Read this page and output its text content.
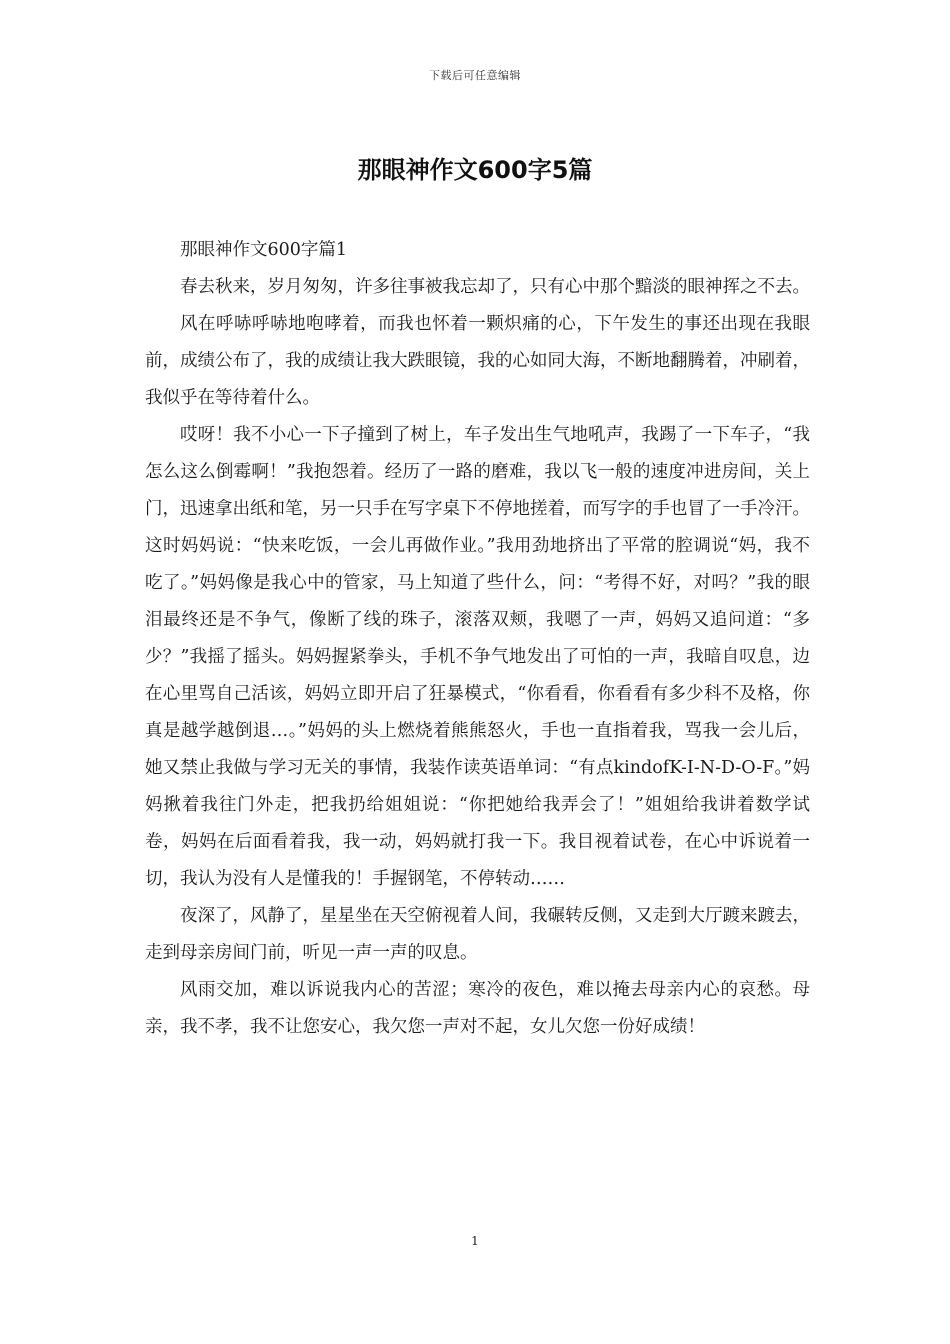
下载后可任意编辑
那眼神作文600字5篇

那眼神作文600字篇1

春去秋来，岁月匆匆，许多往事被我忘却了，只有心中那个黯淡的眼神挥之不去。

风在呼哧呼哧地咆哮着，而我也怀着一颗炽痛的心，下午发生的事还出现在我眼前，成绩公布了，我的成绩让我大跌眼镜，我的心如同大海，不断地翻腾着，冲刷着，我似乎在等待着什么。

哎呀！我不小心一下子撞到了树上，车子发出生气地吼声，我踢了一下车子，“我怎么这么倒霉啊！”我抱怨着。经历了一路的磨难，我以飞一般的速度冲进房间，关上门，迅速拿出纸和笔，另一只手在写字桌下不停地搓着，而写字的手也冒了一手冷汗。这时妈妈说：“快来吃饭，一会儿再做作业。”我用劲地挤出了平常的腔调说“妈，我不吃了。”妈妈像是我心中的管家，马上知道了些什么，问：“考得不好，对吗？”我的眼泪最终还是不争气，像断了线的珠子，滚落双颊，我嗯了一声，妈妈又追问道：“多少？”我摇了摇头。妈妈握紧拳头，手机不争气地发出了可怕的一声，我暗自叹息，边在心里骂自己活该，妈妈立即开启了狂暴模式，“你看看，你看看有多少科不及格，你真是越学越倒退…。”妈妈的头上燃烧着熊熊怒火，手也一直指着我，骂我一会儿后，她又禁止我做与学习无关的事情，我装作读英语单词：“有点kindofK-I-N-D-O-F。”妈妈揪着我往门外走，把我扔给姐姐说：“你把她给我弄会了！”姐姐给我讲着数学试卷，妈妈在后面看着我，我一动，妈妈就打我一下。我目视着试卷，在心中诉说着一切，我认为没有人是懂我的！手握钢笔，不停转动……

夜深了，风静了，星星坐在天空俯视着人间，我碾转反侧，又走到大厅踱来踱去，走到母亲房间门前，听见一声一声的叹息。

风雨交加，难以诉说我内心的苦涩；寒冷的夜色，难以掩去母亲内心的哀愁。母亲，我不孝，我不让您安心，我欠您一声对不起，女儿欠您一份好成绩！

1
